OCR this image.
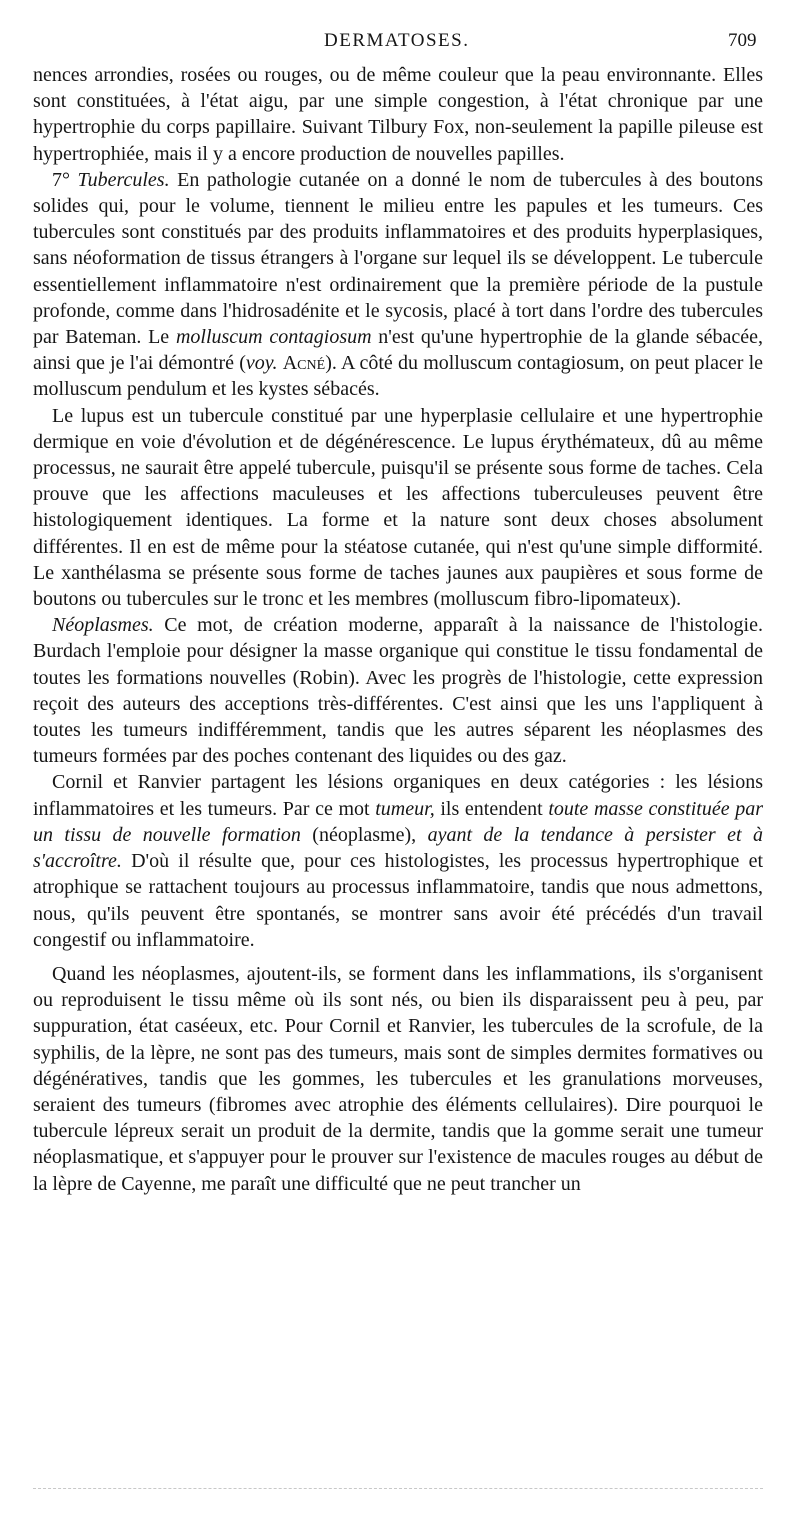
DERMATOSES.	709

nences arrondies, rosées ou rouges, ou de même couleur que la peau environnante. Elles sont constituées, à l'état aigu, par une simple congestion, à l'état chronique par une hypertrophie du corps papillaire. Suivant Tilbury Fox, non-seulement la papille pileuse est hypertrophiée, mais il y a encore production de nouvelles papilles.

7° Tubercules. En pathologie cutanée on a donné le nom de tubercules à des boutons solides qui, pour le volume, tiennent le milieu entre les papules et les tumeurs. Ces tubercules sont constitués par des produits inflammatoires et des produits hyperplasiques, sans néoformation de tissus étrangers à l'organe sur lequel ils se développent. Le tubercule essentiellement inflammatoire n'est ordinairement que la première période de la pustule profonde, comme dans l'hidrosadénite et le sycosis, placé à tort dans l'ordre des tubercules par Bateman. Le molluscum contagiosum n'est qu'une hypertrophie de la glande sébacée, ainsi que je l'ai démontré (voy. Acné). A côté du molluscum contagiosum, on peut placer le molluscum pendulum et les kystes sébacés.

Le lupus est un tubercule constitué par une hyperplasie cellulaire et une hypertrophie dermique en voie d'évolution et de dégénérescence. Le lupus érythémateux, dû au même processus, ne saurait être appelé tubercule, puisqu'il se présente sous forme de taches. Cela prouve que les affections maculeuses et les affections tuberculeuses peuvent être histologiquement identiques. La forme et la nature sont deux choses absolument différentes. Il en est de même pour la stéatose cutanée, qui n'est qu'une simple difformité. Le xanthélasma se présente sous forme de taches jaunes aux paupières et sous forme de boutons ou tubercules sur le tronc et les membres (molluscum fibro-lipomateux).

Néoplasmes. Ce mot, de création moderne, apparaît à la naissance de l'histologie. Burdach l'emploie pour désigner la masse organique qui constitue le tissu fondamental de toutes les formations nouvelles (Robin). Avec les progrès de l'histologie, cette expression reçoit des auteurs des acceptions très-différentes. C'est ainsi que les uns l'appliquent à toutes les tumeurs indifféremment, tandis que les autres séparent les néoplasmes des tumeurs formées par des poches contenant des liquides ou des gaz.

Cornil et Ranvier partagent les lésions organiques en deux catégories : les lésions inflammatoires et les tumeurs. Par ce mot tumeur, ils entendent toute masse constituée par un tissu de nouvelle formation (néoplasme), ayant de la tendance à persister et à s'accroître. D'où il résulte que, pour ces histologistes, les processus hypertrophique et atrophique se rattachent toujours au processus inflammatoire, tandis que nous admettons, nous, qu'ils peuvent être spontanés, se montrer sans avoir été précédés d'un travail congestif ou inflammatoire.

Quand les néoplasmes, ajoutent-ils, se forment dans les inflammations, ils s'organisent ou reproduisent le tissu même où ils sont nés, ou bien ils disparaissent peu à peu, par suppuration, état caséeux, etc. Pour Cornil et Ranvier, les tubercules de la scrofule, de la syphilis, de la lèpre, ne sont pas des tumeurs, mais sont de simples dermites formatives ou dégénératives, tandis que les gommes, les tubercules et les granulations morveuses, seraient des tumeurs (fibromes avec atrophie des éléments cellulaires). Dire pourquoi le tubercule lépreux serait un produit de la dermite, tandis que la gomme serait une tumeur néoplasmatique, et s'appuyer pour le prouver sur l'existence de macules rouges au début de la lèpre de Cayenne, me paraît une difficulté que ne peut trancher un
